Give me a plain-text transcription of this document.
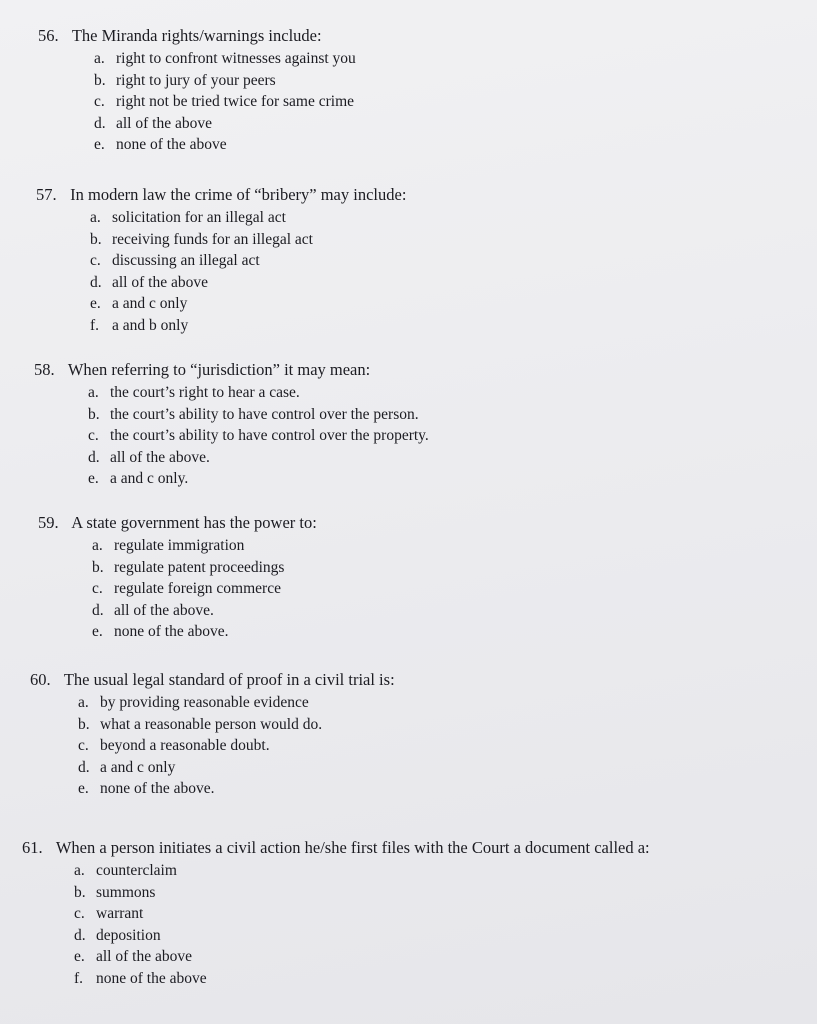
56. The Miranda rights/warnings include:
a. right to confront witnesses against you
b. right to jury of your peers
c. right not be tried twice for same crime
d. all of the above
e. none of the above
57. In modern law the crime of “bribery” may include:
a. solicitation for an illegal act
b. receiving funds for an illegal act
c. discussing an illegal act
d. all of the above
e. a and c only
f. a and b only
58. When referring to “jurisdiction” it may mean:
a. the court’s right to hear a case.
b. the court’s ability to have control over the person.
c. the court’s ability to have control over the property.
d. all of the above.
e. a and c only.
59. A state government has the power to:
a. regulate immigration
b. regulate patent proceedings
c. regulate foreign commerce
d. all of the above.
e. none of the above.
60. The usual legal standard of proof in a civil trial is:
a. by providing reasonable evidence
b. what a reasonable person would do.
c. beyond a reasonable doubt.
d. a and c only
e. none of the above.
61. When a person initiates a civil action he/she first files with the Court a document called a:
a. counterclaim
b. summons
c. warrant
d. deposition
e. all of the above
f. none of the above
